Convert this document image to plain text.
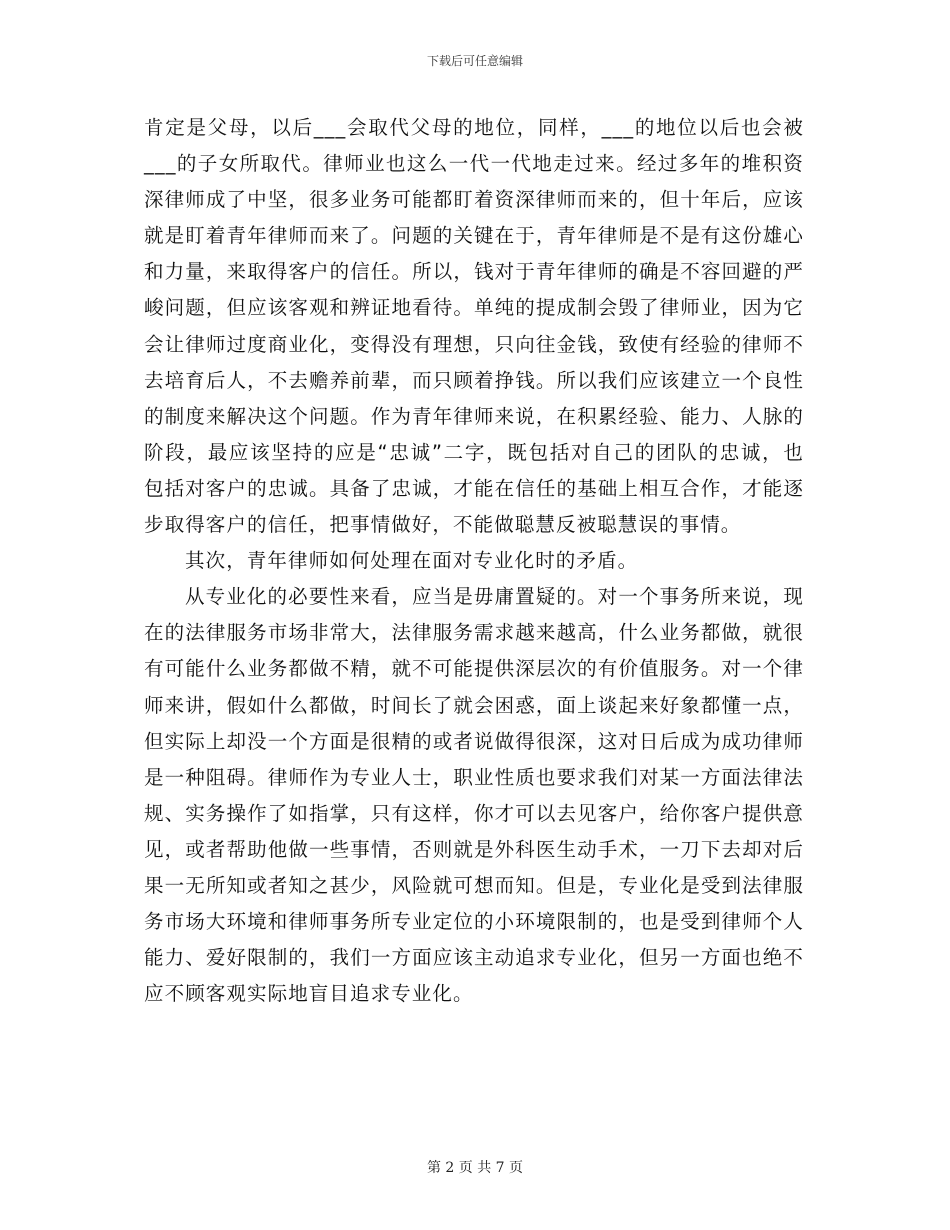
下载后可任意编辑

肯定是父母，以后___会取代父母的地位，同样，___的地位以后也会被___的子女所取代。律师业也这么一代一代地走过来。经过多年的堆积资深律师成了中坚，很多业务可能都盯着资深律师而来的，但十年后，应该就是盯着青年律师而来了。问题的关键在于，青年律师是不是有这份雄心和力量，来取得客户的信任。所以，钱对于青年律师的确是不容回避的严峻问题，但应该客观和辨证地看待。单纯的提成制会毁了律师业，因为它会让律师过度商业化，变得没有理想，只向往金钱，致使有经验的律师不去培育后人，不去赡养前辈，而只顾着挣钱。所以我们应该建立一个良性的制度来解决这个问题。作为青年律师来说，在积累经验、能力、人脉的阶段，最应该坚持的应是“忠诚”二字，既包括对自己的团队的忠诚，也包括对客户的忠诚。具备了忠诚，才能在信任的基础上相互合作，才能逐步取得客户的信任，把事情做好，不能做聪慧反被聪慧误的事情。

其次，青年律师如何处理在面对专业化时的矛盾。

从专业化的必要性来看，应当是毋庸置疑的。对一个事务所来说，现在的法律服务市场非常大，法律服务需求越来越高，什么业务都做，就很有可能什么业务都做不精，就不可能提供深层次的有价值服务。对一个律师来讲，假如什么都做，时间长了就会困惑，面上谈起来好象都懂一点，但实际上却没一个方面是很精的或者说做得很深，这对日后成为成功律师是一种阻碍。律师作为专业人士，职业性质也要求我们对某一方面法律法规、实务操作了如指掌，只有这样，你才可以去见客户，给你客户提供意见，或者帮助他做一些事情，否则就是外科医生动手术，一刀下去却对后果一无所知或者知之甚少，风险就可想而知。但是，专业化是受到法律服务市场大环境和律师事务所专业定位的小环境限制的，也是受到律师个人能力、爱好限制的，我们一方面应该主动追求专业化，但另一方面也绝不应不顾客观实际地盲目追求专业化。

第 2 页 共 7 页
